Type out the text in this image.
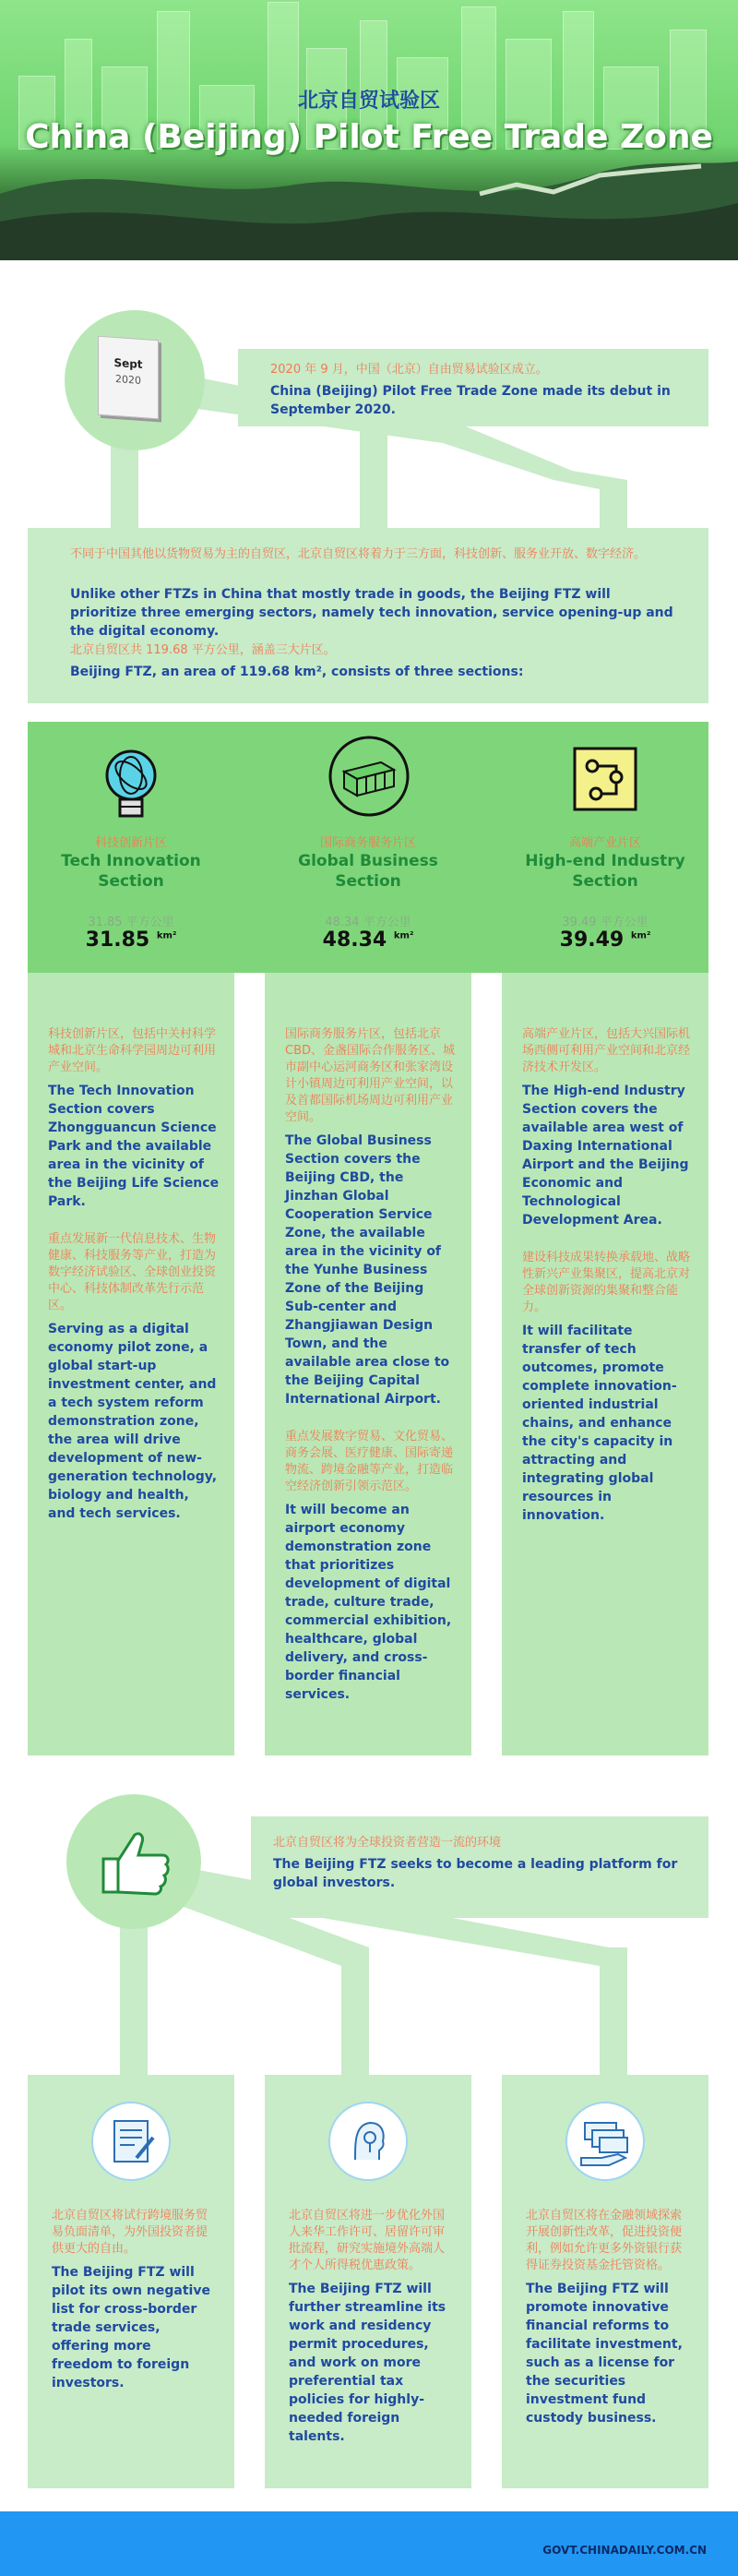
北京自贸试验区
China (Beijing) Pilot Free Trade Zone
Sept
2020
2020 年 9 月，中国（北京）自由贸易试验区成立。
China (Beijing) Pilot Free Trade Zone made its debut in September 2020.
不同于中国其他以货物贸易为主的自贸区，北京自贸区将着力于三方面，科技创新、服务业开放、数字经济。
Unlike other FTZs in China that mostly trade in goods, the Beijing FTZ will prioritize three emerging sectors, namely tech innovation, service opening-up and the digital economy.
北京自贸区共 119.68 平方公里，涵盖三大片区。
Beijing FTZ, an area of 119.68 km², consists of three sections:
科技创新片区
Tech Innovation Section
31.85 平方公里
31.85 $^{km^2}$
科技创新片区，包括中关村科学城和北京生命科学园周边可利用产业空间。
The Tech Innovation Section covers Zhongguancun Science Park and the available area in the vicinity of the Beijing Life Science Park.
重点发展新一代信息技术、生物健康、科技服务等产业，打造为数字经济试验区、全球创业投资中心、科技体制改革先行示范区。
Serving as a digital economy pilot zone, a global start-up investment center, and a tech system reform demonstration zone, the area will drive development of new-generation technology, biology and health, and tech services.
国际商务服务片区
Global Business Section
48.34 平方公里
48.34 $^{km^2}$
国际商务服务片区，包括北京 CBD、金盏国际合作服务区、城市副中心运河商务区和张家湾设计小镇周边可利用产业空间，以及首都国际机场周边可利用产业空间。
The Global Business Section covers the Beijing CBD, the Jinzhan Global Cooperation Service Zone, the available area in the vicinity of the Yunhe Business Zone of the Beijing Sub-center and Zhangjiawan Design Town, and the available area close to the Beijing Capital International Airport.
重点发展数字贸易、文化贸易、商务会展、医疗健康、国际寄递物流、跨境金融等产业，打造临空经济创新引领示范区。
It will become an airport economy demonstration zone that prioritizes development of digital trade, culture trade, commercial exhibition, healthcare, global delivery, and cross-border financial services.
高端产业片区
High-end Industry Section
39.49 平方公里
39.49 $^{km^2}$
高端产业片区，包括大兴国际机场西侧可利用产业空间和北京经济技术开发区。
The High-end Industry Section covers the available area west of Daxing International Airport and the Beijing Economic and Technological Development Area.
建设科技成果转换承载地、战略性新兴产业集聚区，提高北京对全球创新资源的集聚和整合能力。
It will facilitate transfer of tech outcomes, promote complete innovation-oriented industrial chains, and enhance the city's capacity in attracting and integrating global resources in innovation.
北京自贸区将为全球投资者营造一流的环境
The Beijing FTZ seeks to become a leading platform for global investors.
北京自贸区将试行跨境服务贸易负面清单，为外国投资者提供更大的自由。
The Beijing FTZ will pilot its own negative list for cross-border trade services, offering more freedom to foreign investors.
北京自贸区将进一步优化外国人来华工作许可、居留许可审批流程，研究实施境外高端人才个人所得税优惠政策。
The Beijing FTZ will further streamline its work and residency permit procedures, and work on more preferential tax policies for highly-needed foreign talents.
北京自贸区将在金融领域探索开展创新性改革，促进投资便利，例如允许更多外资银行获得证券投资基金托管资格。
The Beijing FTZ will promote innovative financial reforms to facilitate investment, such as a license for the securities investment fund custody business.
GOVT.CHINADAILY.COM.CN
